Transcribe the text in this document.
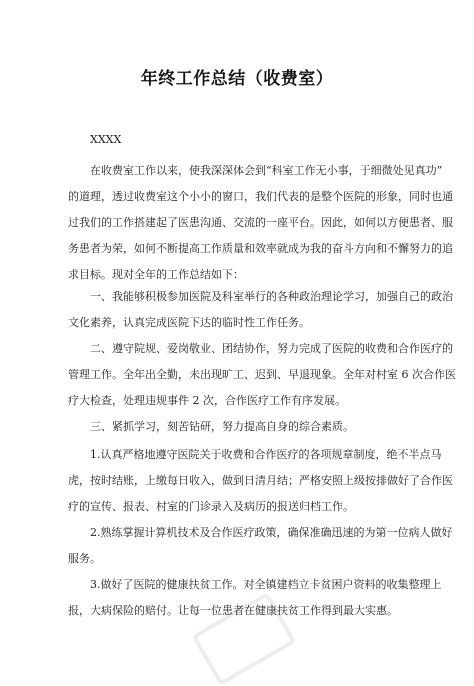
年终工作总结（收费室）
XXXX
在收费室工作以来，使我深深体会到“科室工作无小事，于细微处见真功”
的道理，透过收费室这个小小的窗口，我们代表的是整个医院的形象，同时也通
过我们的工作搭建起了医患沟通、交流的一座平台。因此，如何以方便患者、服
务患者为荣，如何不断提高工作质量和效率就成为我的奋斗方向和不懈努力的追
求目标。现对全年的工作总结如下：
一、我能够积极参加医院及科室举行的各种政治理论学习，加强自己的政治
文化素养，认真完成医院下达的临时性工作任务。
二、遵守院规、爱岗敬业、团结协作，努力完成了医院的收费和合作医疗的
管理工作。全年出全勤，未出现旷工、迟到、早退现象。全年对村室 6 次合作医
疗大检查，处理违规事件 2 次，合作医疗工作有序发展。
三、紧抓学习，刻苦钻研，努力提高自身的综合素质。
1.认真严格地遵守医院关于收费和合作医疗的各项规章制度，绝不半点马
虎，按时结账，上缴每日收入，做到日清月结；严格安照上级按排做好了合作医
疗的宣传、报表、村室的门诊录入及病历的报送归档工作。
2.熟练掌握计算机技术及合作医疗政策，确保准确迅速的为第一位病人做好
服务。
3.做好了医院的健康扶贫工作。对全镇建档立卡贫困户资料的收集整理上
报，大病保险的赔付。让每一位患者在健康扶贫工作得到最大实惠。
